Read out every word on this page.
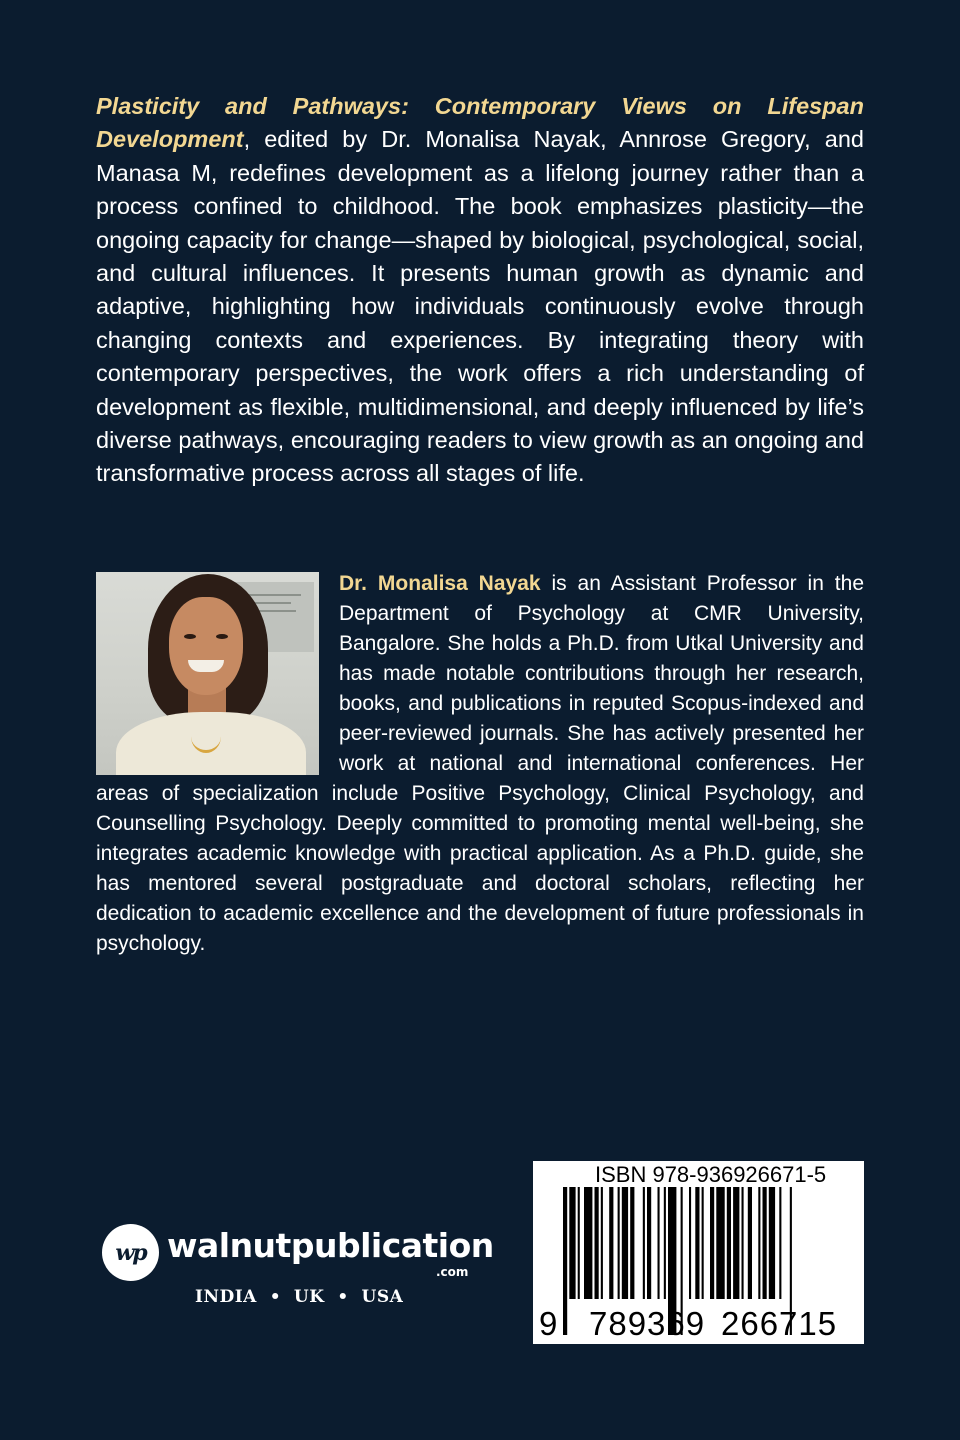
Plasticity and Pathways: Contemporary Views on Lifespan Development, edited by Dr. Monalisa Nayak, Annrose Gregory, and Manasa M, redefines development as a lifelong journey rather than a process confined to childhood. The book emphasizes plasticity—the ongoing capacity for change—shaped by biological, psychological, social, and cultural influences. It presents human growth as dynamic and adaptive, highlighting how individuals continuously evolve through changing contexts and experiences. By integrating theory with contemporary perspectives, the work offers a rich understanding of development as flexible, multidimensional, and deeply influenced by life’s diverse pathways, encouraging readers to view growth as an ongoing and transformative process across all stages of life.
Dr. Monalisa Nayak is an Assistant Professor in the Department of Psychology at CMR University, Bangalore. She holds a Ph.D. from Utkal University and has made notable contributions through her research, books, and publications in reputed Scopus-indexed and peer-reviewed journals. She has actively presented her work at national and international conferences. Her areas of specialization include Positive Psychology, Clinical Psychology, and Counselling Psychology. Deeply committed to promoting mental well-being, she integrates academic knowledge with practical application. As a Ph.D. guide, she has mentored several postgraduate and doctoral scholars, reflecting her dedication to academic excellence and the development of future professionals in psychology.
wp walnutpublication
.com
INDIA  •  UK  •  USA
ISBN 978-936926671-5
9 789369 266715
